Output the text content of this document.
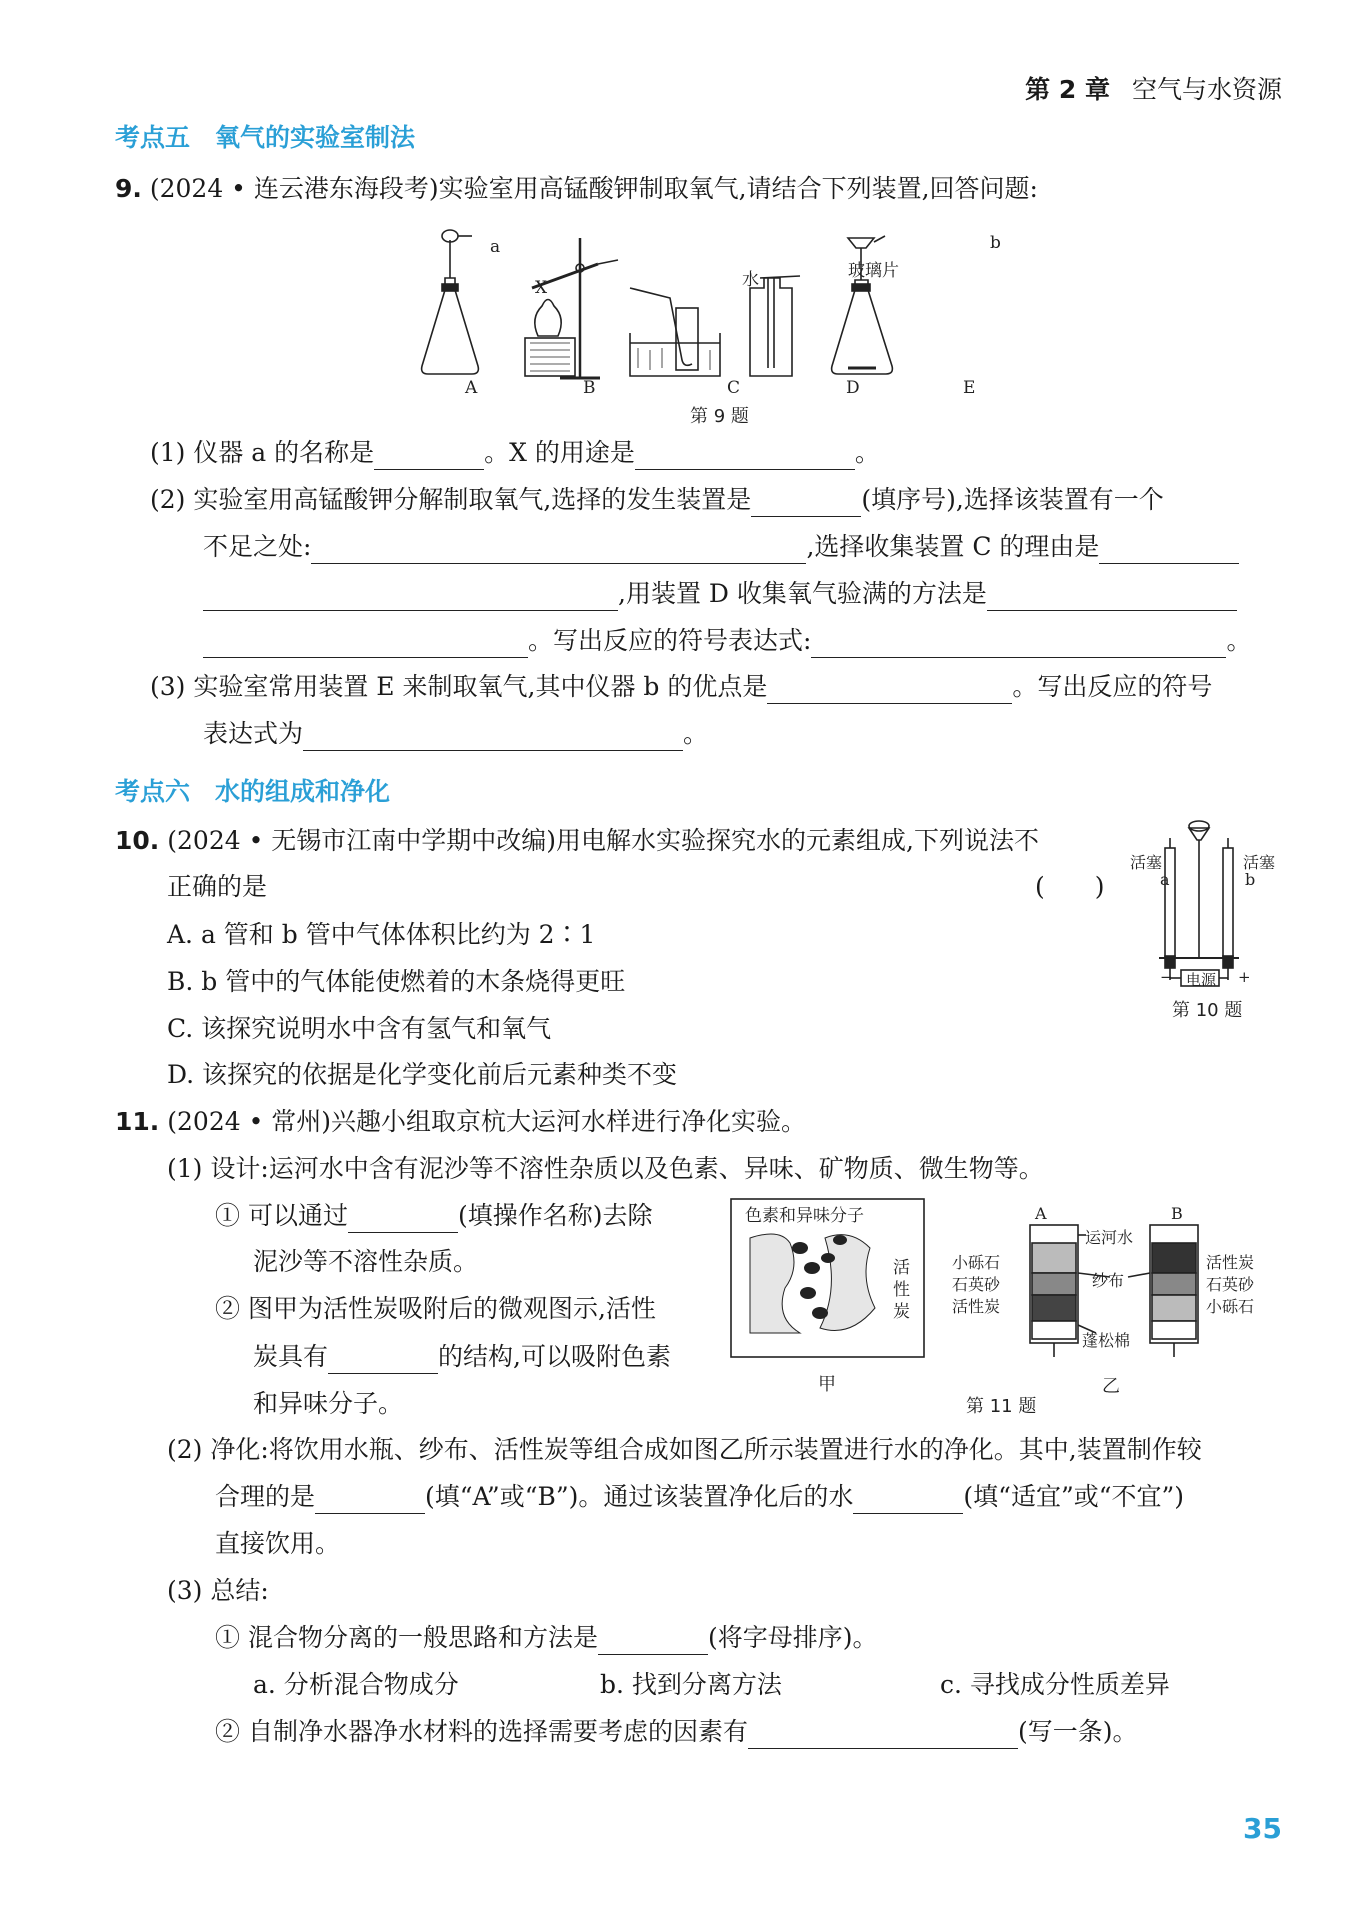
第 2 章 空气与水资源
考点五　氧气的实验室制法
9. (2024 • 连云港东海段考)实验室用高锰酸钾制取氧气,请结合下列装置,回答问题:
a
X	水	玻璃片
b
A	B	C	D	E
第 9 题
(1) 仪器 a 的名称是	。X 的用途是	。
(2) 实验室用高锰酸钾分解制取氧气,选择的发生装置是	(填序号),选择该装置有一个
不足之处:	,选择收集装置 C 的理由是
,用装置 D 收集氧气验满的方法是
。写出反应的符号表达式:	。
(3) 实验室常用装置 E 来制取氧气,其中仪器 b 的优点是	。写出反应的符号
表达式为	。
考点六　水的组成和净化
10. (2024 • 无锡市江南中学期中改编)用电解水实验探究水的元素组成,下列说法不
正确的是	(　　)
A. a 管和 b 管中气体体积比约为 2∶1
B. b 管中的气体能使燃着的木条烧得更旺
C. 该探究说明水中含有氢气和氧气
D. 该探究的依据是化学变化前后元素种类不变
活塞	活塞
a	b
电源
−	+
第 10 题
11. (2024 • 常州)兴趣小组取京杭大运河水样进行净化实验。
(1) 设计:运河水中含有泥沙等不溶性杂质以及色素、异味、矿物质、微生物等。
① 可以通过	(填操作名称)去除
泥沙等不溶性杂质。
② 图甲为活性炭吸附后的微观图示,活性
炭具有	的结构,可以吸附色素
和异味分子。
色素和异味分子
活
性
炭
甲
A	B
运河水
小砾石
石英砂
活性炭
纱布
活性炭
石英砂
小砾石
蓬松棉
乙
第 11 题
(2) 净化:将饮用水瓶、纱布、活性炭等组合成如图乙所示装置进行水的净化。其中,装置制作较
合理的是	(填“A”或“B”)。通过该装置净化后的水	(填“适宜”或“不宜”)
直接饮用。
(3) 总结:
① 混合物分离的一般思路和方法是	(将字母排序)。
a. 分析混合物成分	b. 找到分离方法	c. 寻找成分性质差异
② 自制净水器净水材料的选择需要考虑的因素有	(写一条)。
35
